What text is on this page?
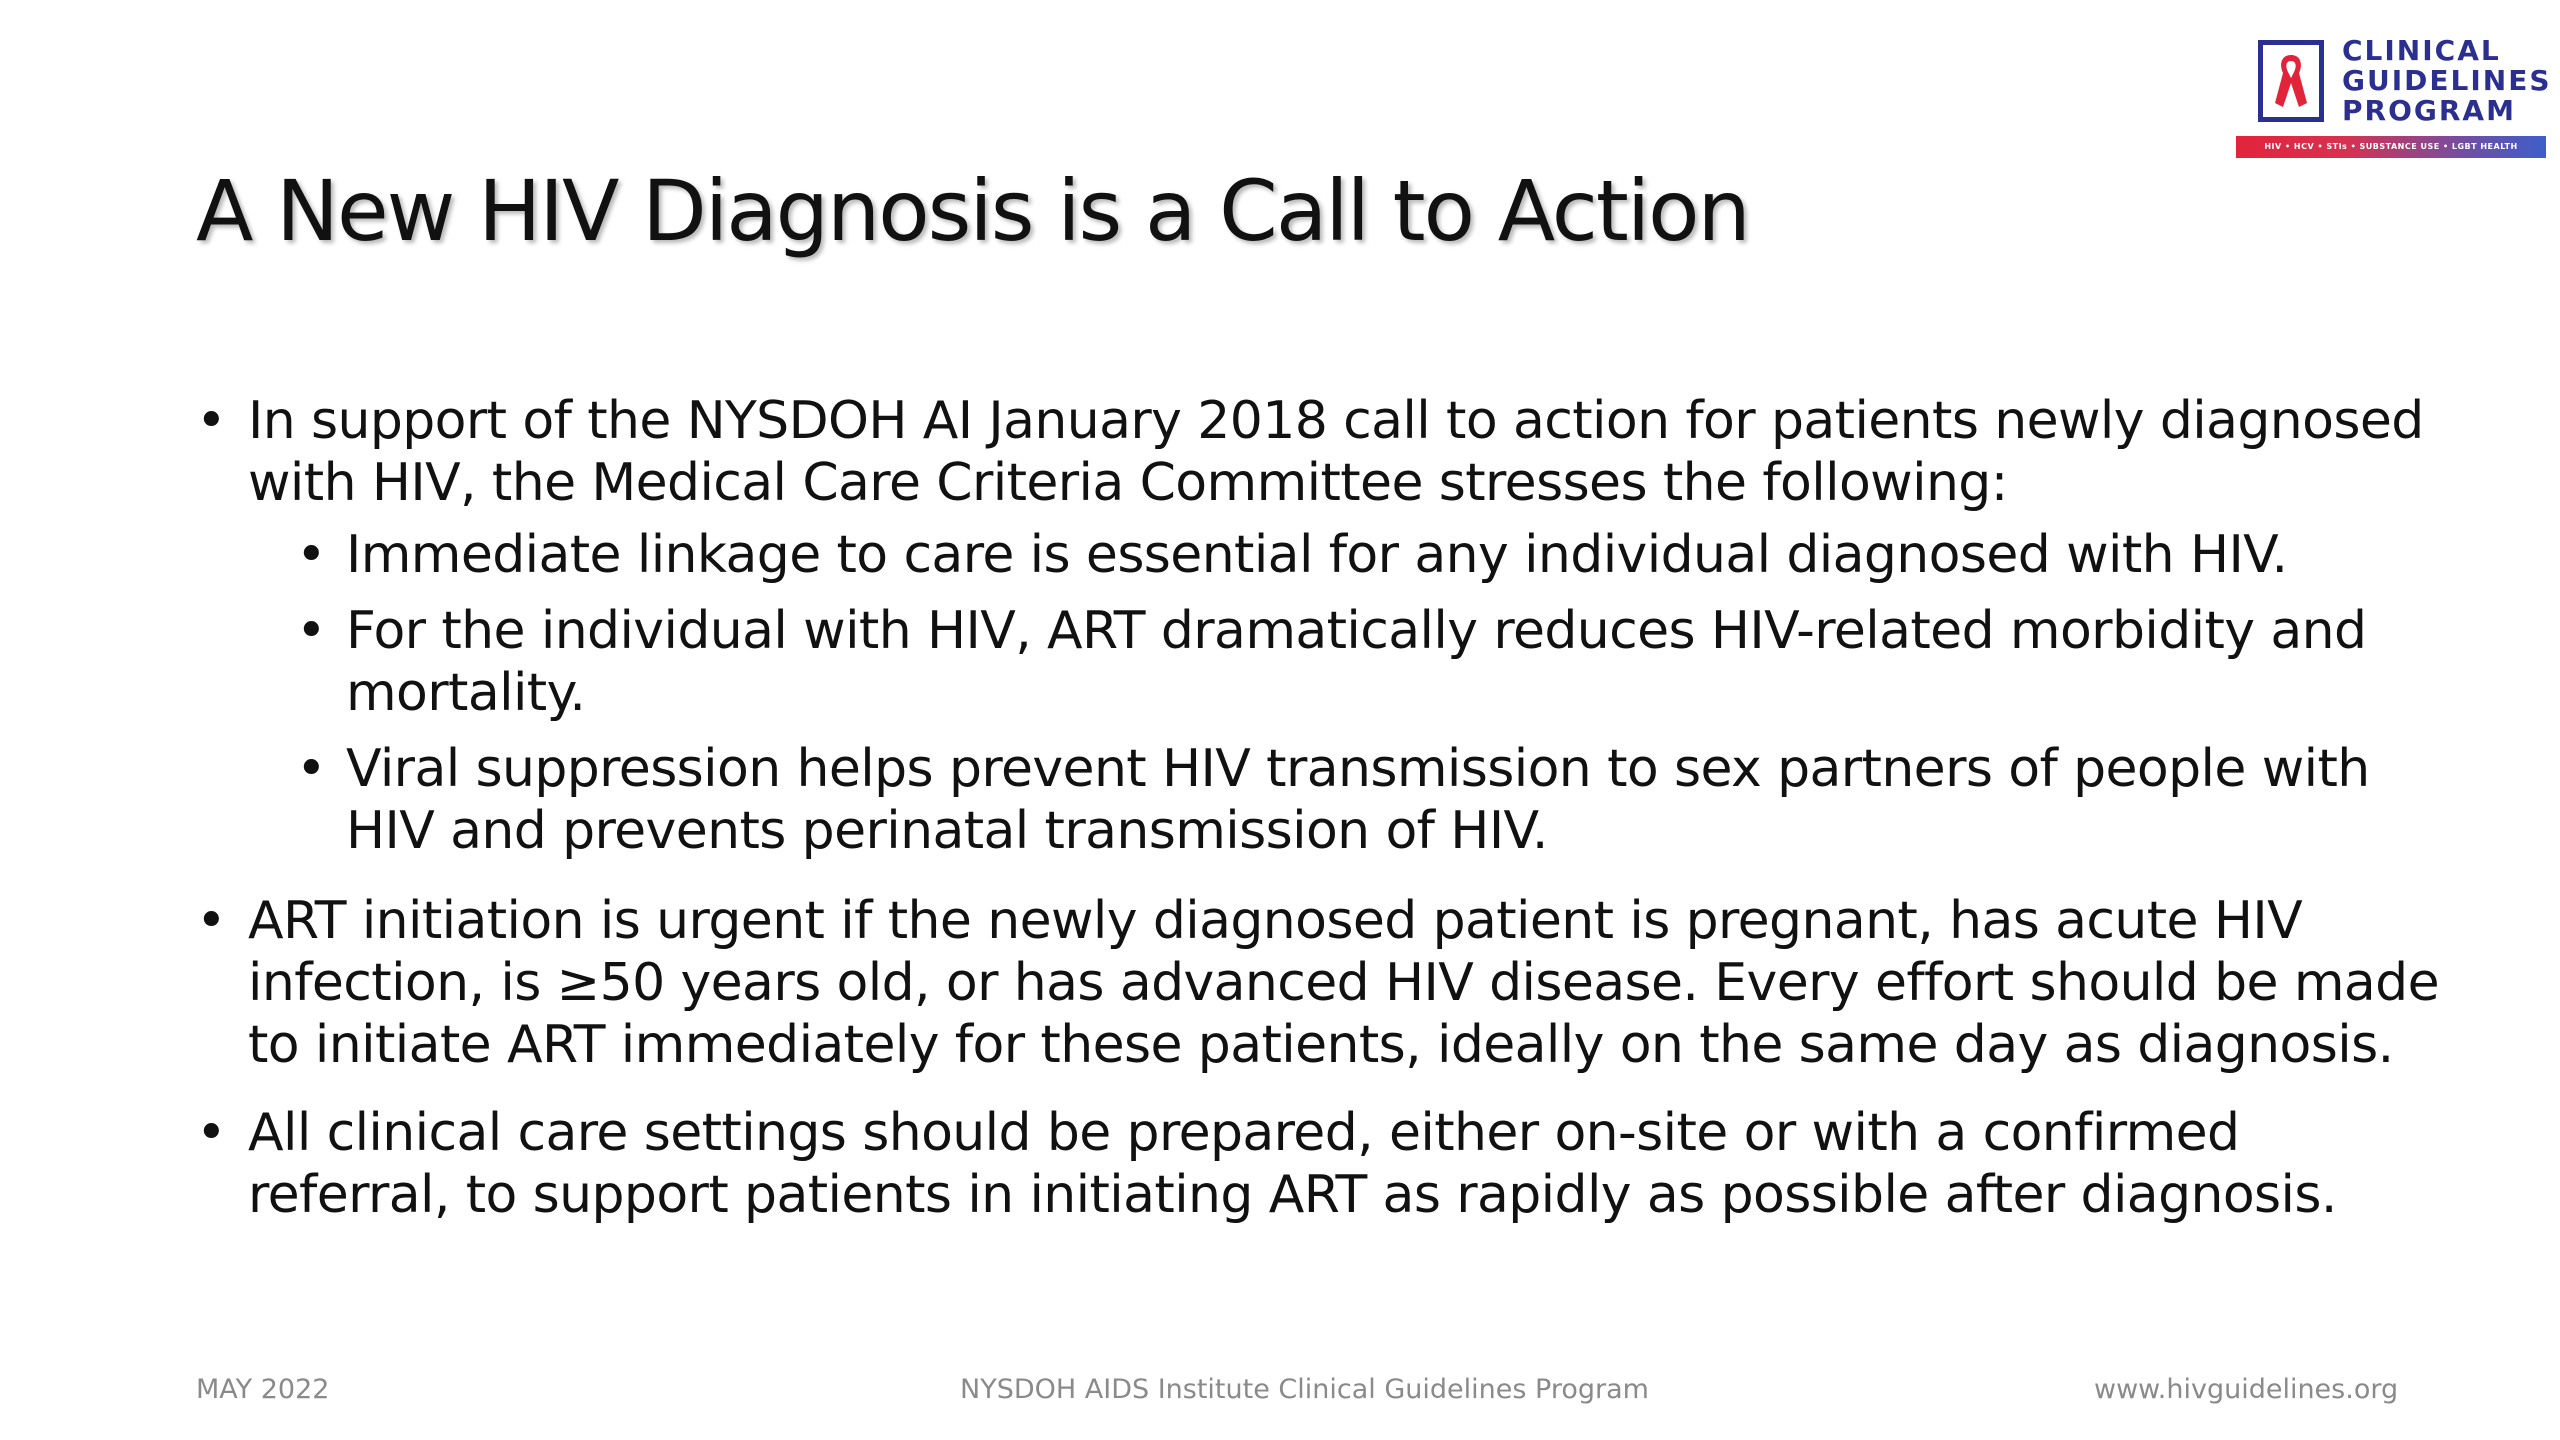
CLINICAL
GUIDELINES
PROGRAM
HIV • HCV • STIs • SUBSTANCE USE • LGBT HEALTH
A New HIV Diagnosis is a Call to Action
• In support of the NYSDOH AI January 2018 call to action for patients newly diagnosed with HIV, the Medical Care Criteria Committee stresses the following:
• Immediate linkage to care is essential for any individual diagnosed with HIV.
• For the individual with HIV, ART dramatically reduces HIV-related morbidity and mortality.
• Viral suppression helps prevent HIV transmission to sex partners of people with HIV and prevents perinatal transmission of HIV.
• ART initiation is urgent if the newly diagnosed patient is pregnant, has acute HIV infection, is ≥50 years old, or has advanced HIV disease. Every effort should be made to initiate ART immediately for these patients, ideally on the same day as diagnosis.
• All clinical care settings should be prepared, either on-site or with a confirmed referral, to support patients in initiating ART as rapidly as possible after diagnosis.
MAY 2022	NYSDOH AIDS Institute Clinical Guidelines Program	www.hivguidelines.org
